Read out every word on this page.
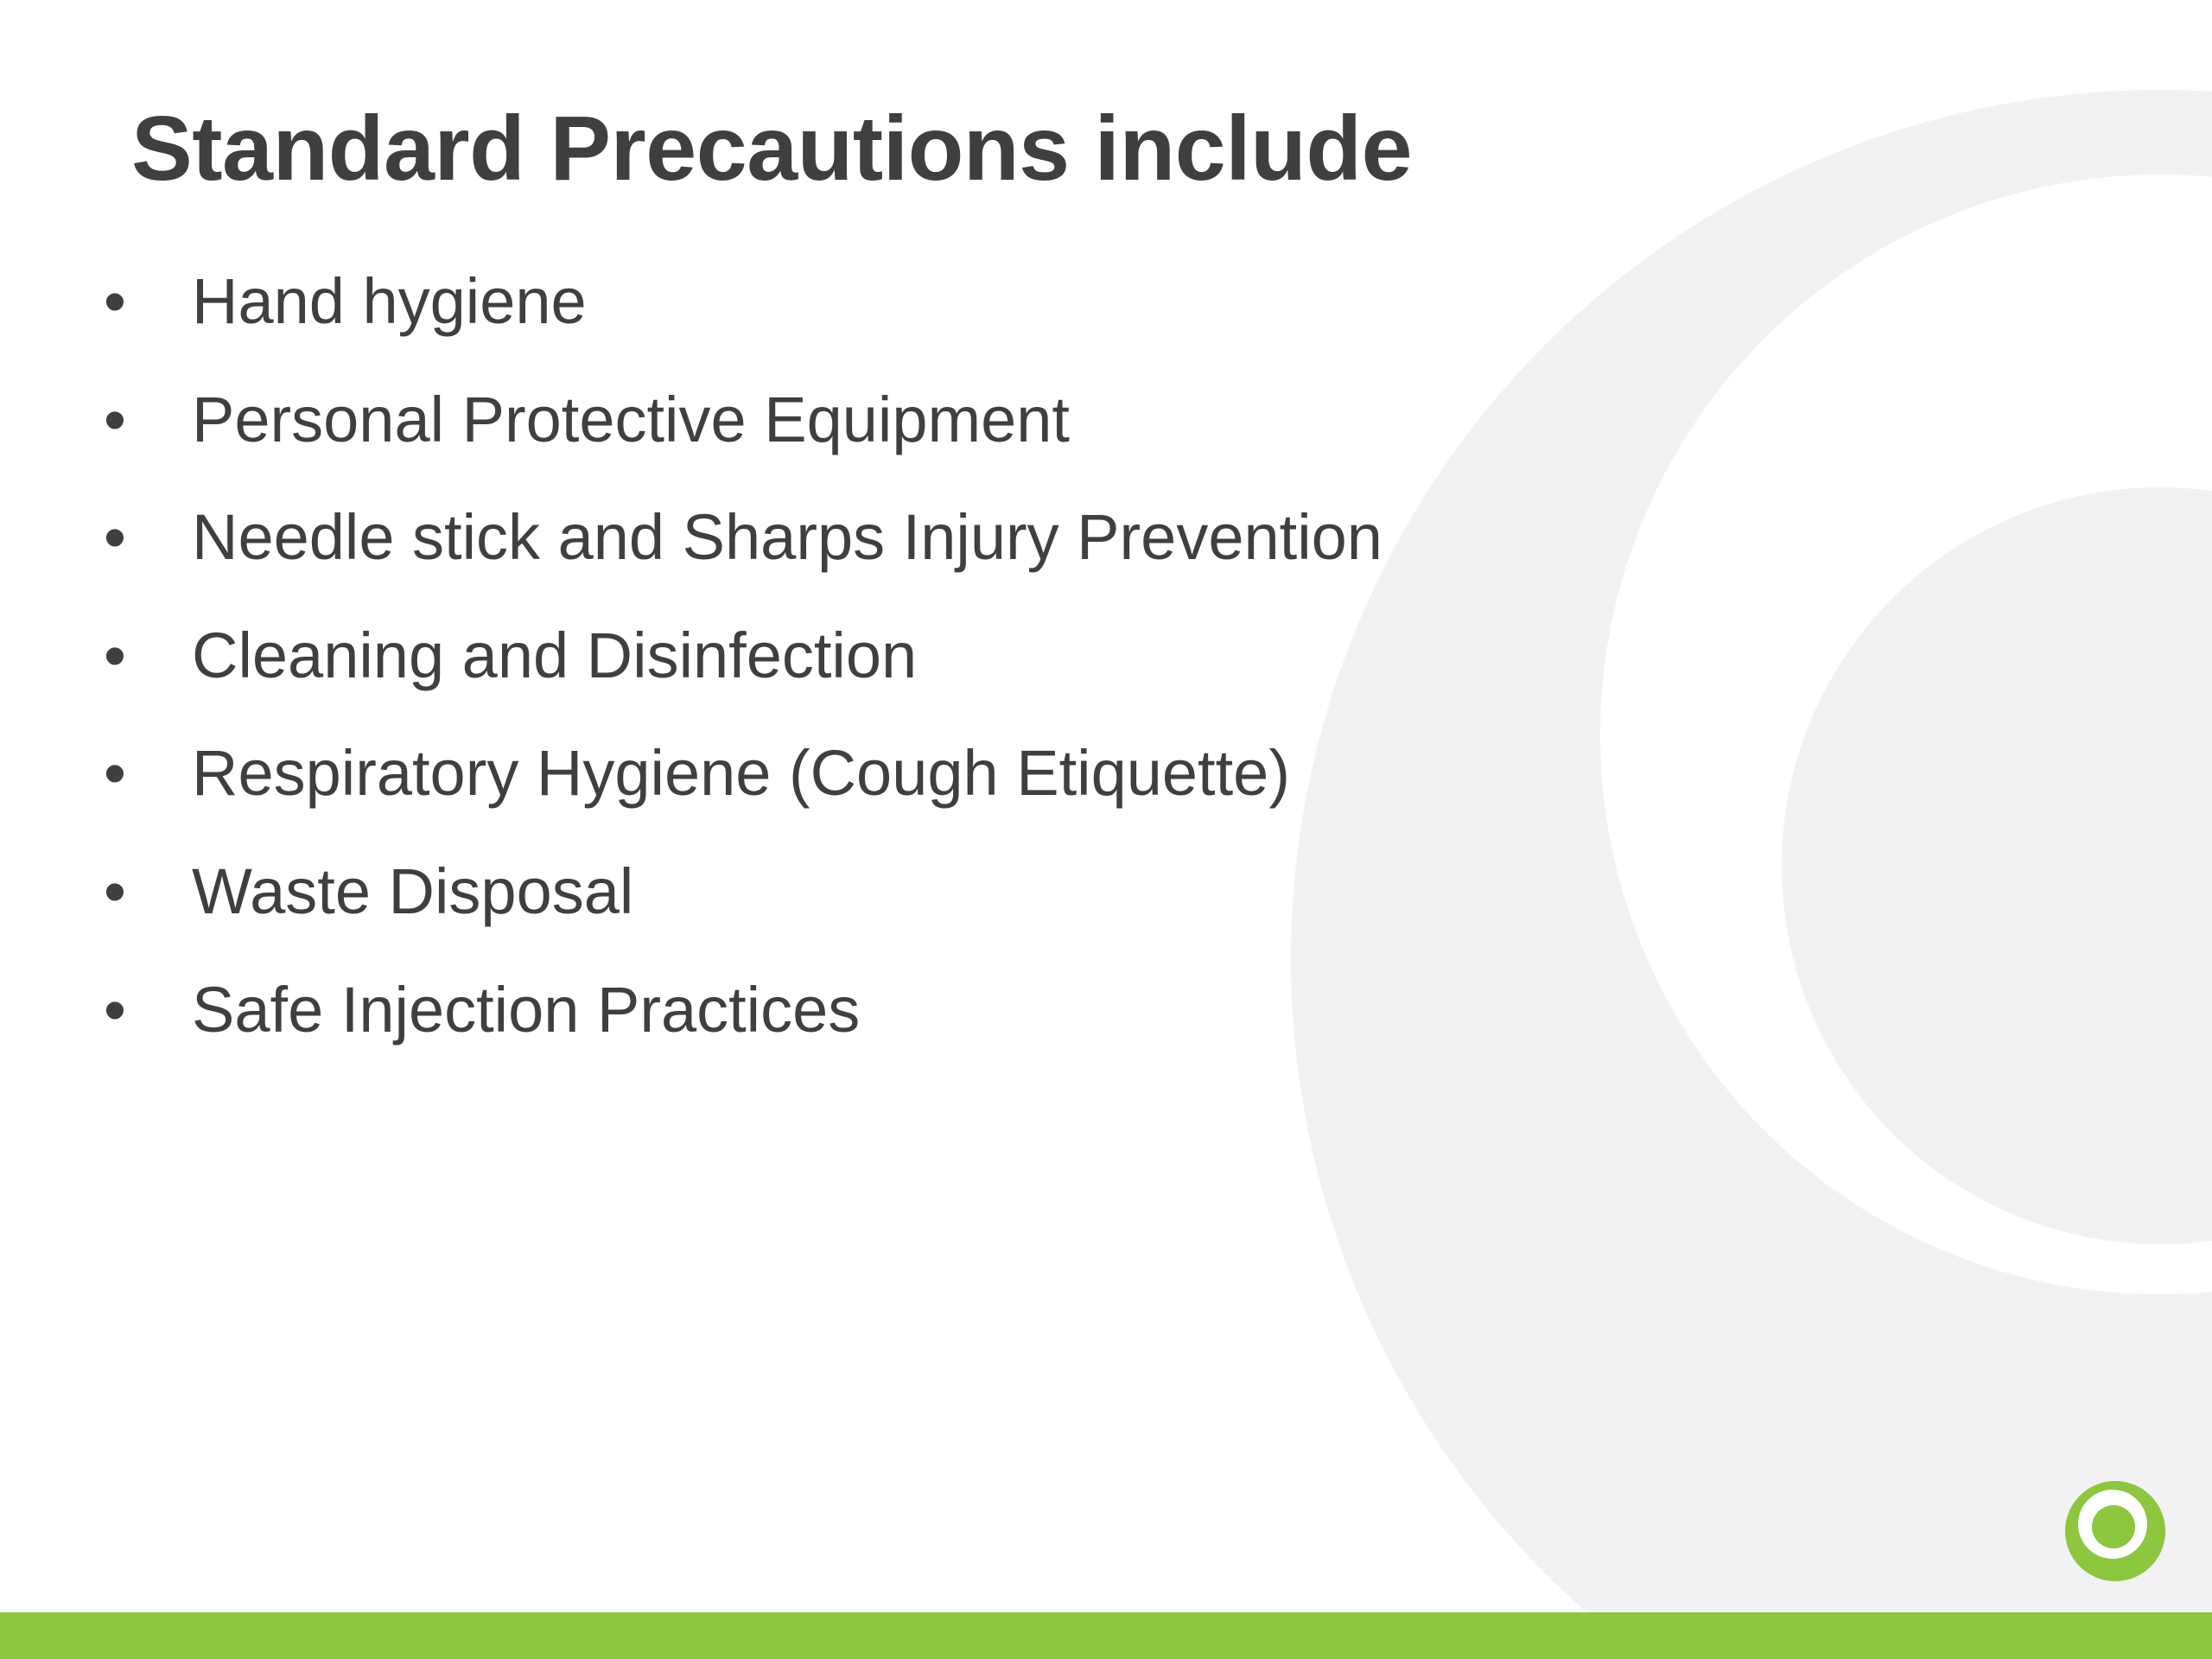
Standard Precautions include
•	Hand hygiene
•	Personal Protective Equipment
•	Needle stick and Sharps Injury Prevention
•	Cleaning and Disinfection
•	Respiratory Hygiene (Cough Etiquette)
•	Waste Disposal
•	Safe Injection Practices
